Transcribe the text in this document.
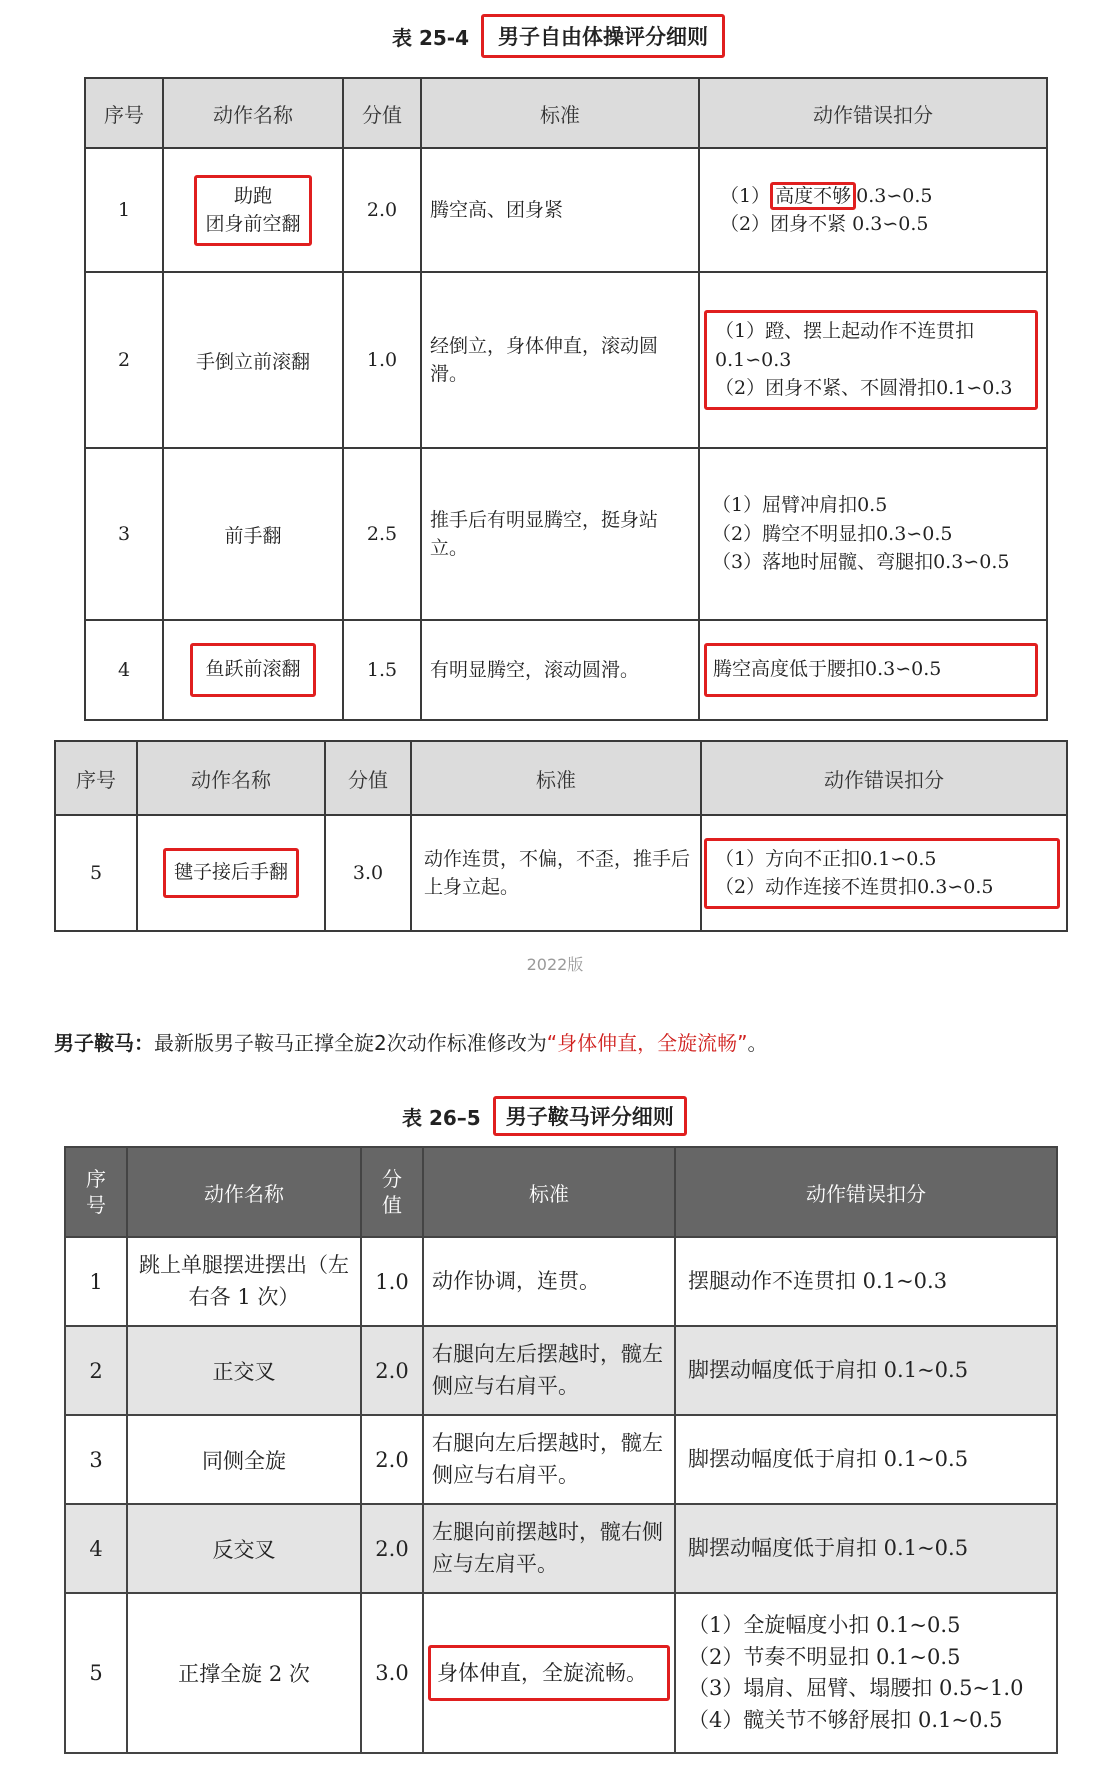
表 25-4	男子自由体操评分细则
序号	动作名称	分值	标准	动作错误扣分
1	助跑
团身前空翻	2.0	腾空高、团身紧	（1） 高度不够 0.3∽0.5
（2）团身不紧 0.3∽0.5

2	手倒立前滚翻	1.0	经倒立，身体伸直，滚动圆滑。	（1）蹬、摆上起动作不连贯扣0.1∽0.3
（2）团身不紧、不圆滑扣0.1∽0.3

3	前手翻	2.5	推手后有明显腾空，挺身站立。	（1）屈臂冲肩扣0.5
（2）腾空不明显扣0.3∽0.5
（3）落地时屈髋、弯腿扣0.3∽0.5

4	鱼跃前滚翻	1.5	有明显腾空，滚动圆滑。	腾空高度低于腰扣0.3∽0.5
序号	动作名称	分值	标准	动作错误扣分
5	毽子接后手翻	3.0	动作连贯，不偏，不歪，推手后上身立起。	（1）方向不正扣0.1∽0.5
（2）动作连接不连贯扣0.3∽0.5
2022版
男子鞍马：最新版男子鞍马正撑全旋2次动作标准修改为“身体伸直，全旋流畅”。
表 26–5	男子鞍马评分细则
序号	动作名称	分值	标准	动作错误扣分
1	跳上单腿摆进摆出（左右各 1 次）	1.0	动作协调，连贯。	摆腿动作不连贯扣 0.1~0.3
2	正交叉	2.0	右腿向左后摆越时，髋左侧应与右肩平。	脚摆动幅度低于肩扣 0.1~0.5
3	同侧全旋	2.0	右腿向左后摆越时，髋左侧应与右肩平。	脚摆动幅度低于肩扣 0.1~0.5
4	反交叉	2.0	左腿向前摆越时，髋右侧应与左肩平。	脚摆动幅度低于肩扣 0.1~0.5
5	正撑全旋 2 次	3.0	身体伸直，全旋流畅。	（1）全旋幅度小扣 0.1~0.5
（2）节奏不明显扣 0.1~0.5
（3）塌肩、屈臂、塌腰扣 0.5~1.0
（4）髋关节不够舒展扣 0.1~0.5
